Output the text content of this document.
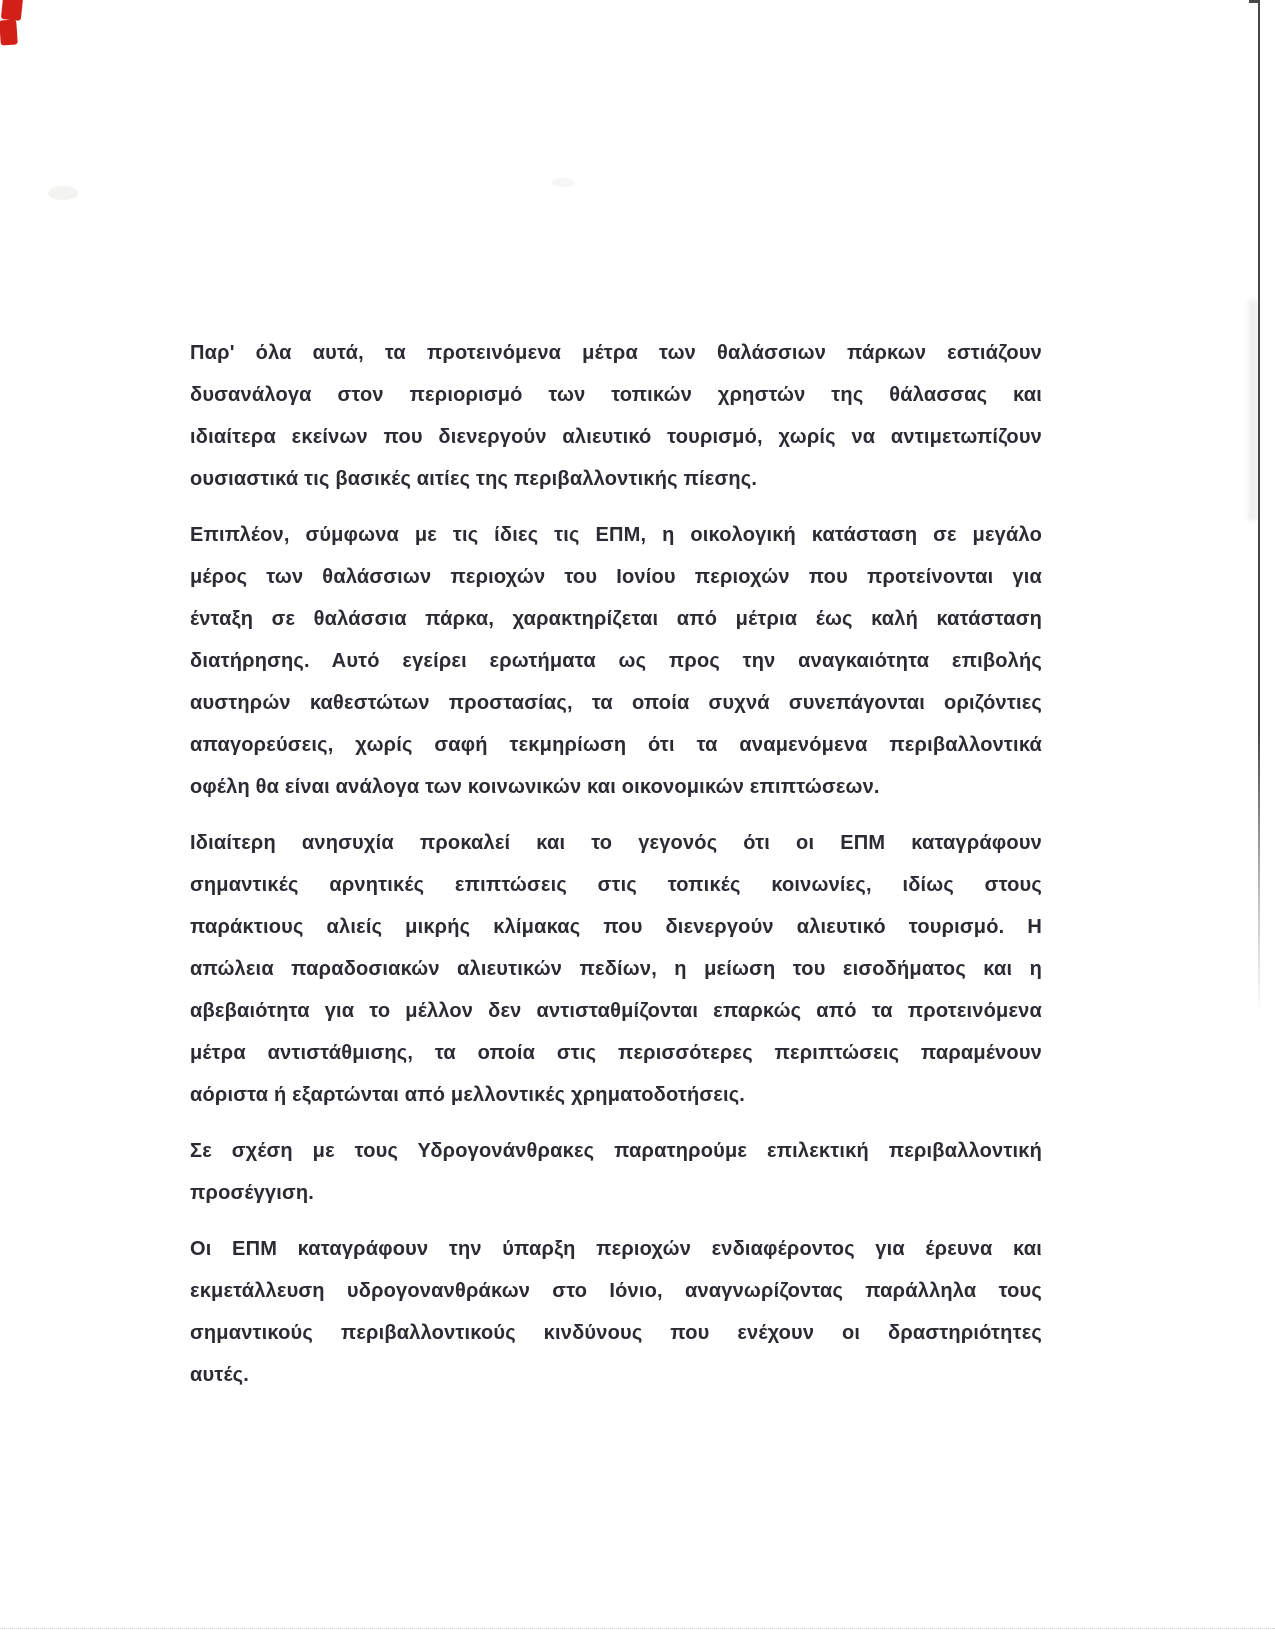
Παρ' όλα αυτά, τα προτεινόμενα μέτρα των θαλάσσιων πάρκων εστιάζουν
δυσανάλογα στον περιορισμό των τοπικών χρηστών της θάλασσας και
ιδιαίτερα εκείνων που διενεργούν αλιευτικό τουρισμό, χωρίς να αντιμετωπίζουν
ουσιαστικά τις βασικές αιτίες της περιβαλλοντικής πίεσης.
Επιπλέον, σύμφωνα με τις ίδιες τις ΕΠΜ, η οικολογική κατάσταση σε μεγάλο
μέρος των θαλάσσιων περιοχών του Ιονίου περιοχών που προτείνονται για
ένταξη σε θαλάσσια πάρκα, χαρακτηρίζεται από μέτρια έως καλή κατάσταση
διατήρησης. Αυτό εγείρει ερωτήματα ως προς την αναγκαιότητα επιβολής
αυστηρών καθεστώτων προστασίας, τα οποία συχνά συνεπάγονται οριζόντιες
απαγορεύσεις, χωρίς σαφή τεκμηρίωση ότι τα αναμενόμενα περιβαλλοντικά
οφέλη θα είναι ανάλογα των κοινωνικών και οικονομικών επιπτώσεων.
Ιδιαίτερη ανησυχία προκαλεί και το γεγονός ότι οι ΕΠΜ καταγράφουν
σημαντικές αρνητικές επιπτώσεις στις τοπικές κοινωνίες, ιδίως στους
παράκτιους αλιείς μικρής κλίμακας που διενεργούν αλιευτικό τουρισμό. Η
απώλεια παραδοσιακών αλιευτικών πεδίων, η μείωση του εισοδήματος και η
αβεβαιότητα για το μέλλον δεν αντισταθμίζονται επαρκώς από τα προτεινόμενα
μέτρα αντιστάθμισης, τα οποία στις περισσότερες περιπτώσεις παραμένουν
αόριστα ή εξαρτώνται από μελλοντικές χρηματοδοτήσεις.
Σε σχέση με τους Υδρογονάνθρακες παρατηρούμε επιλεκτική περιβαλλοντική
προσέγγιση.
Οι ΕΠΜ καταγράφουν την ύπαρξη περιοχών ενδιαφέροντος για έρευνα και
εκμετάλλευση υδρογονανθράκων στο Ιόνιο, αναγνωρίζοντας παράλληλα τους
σημαντικούς περιβαλλοντικούς κινδύνους που ενέχουν οι δραστηριότητες
αυτές.
